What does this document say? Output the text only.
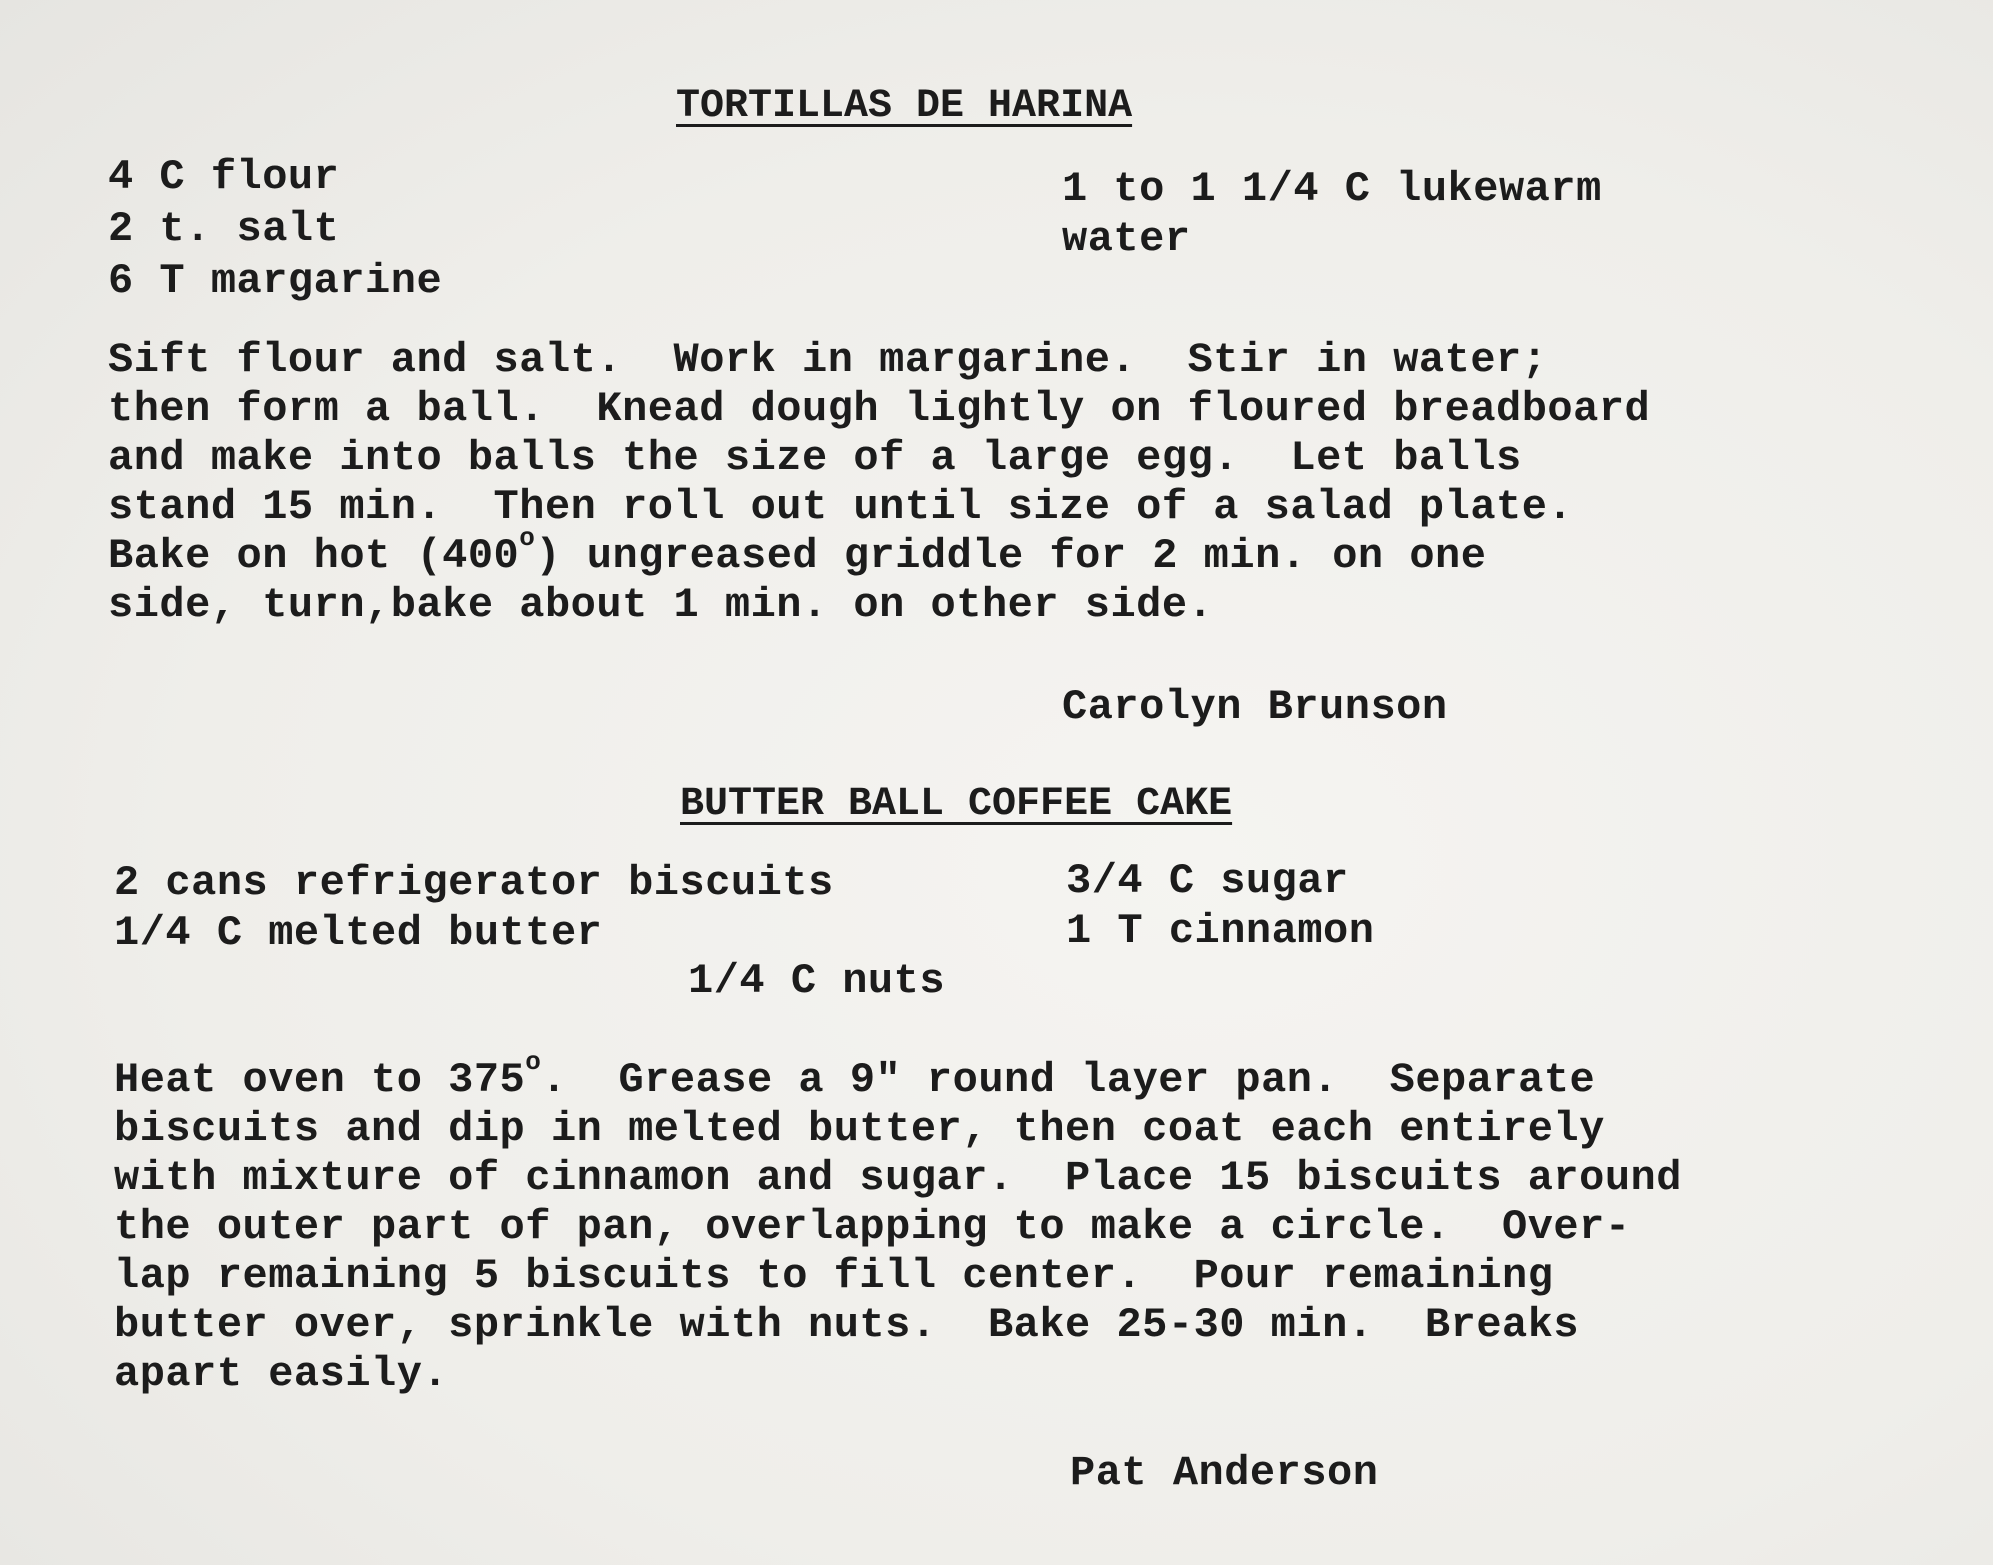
TORTILLAS DE HARINA
4 C flour
2 t. salt
6 T margarine
1 to 1 1/4 C lukewarm
water
Sift flour and salt.  Work in margarine.  Stir in water;
then form a ball.  Knead dough lightly on floured breadboard
and make into balls the size of a large egg.  Let balls
stand 15 min.  Then roll out until size of a salad plate.
Bake on hot (400$^o$) ungreased griddle for 2 min. on one
side, turn,bake about 1 min. on other side.
Carolyn Brunson
BUTTER BALL COFFEE CAKE
2 cans refrigerator biscuits
1/4 C melted butter
3/4 C sugar
1 T cinnamon
1/4 C nuts
Heat oven to 375$^o$.  Grease a 9" round layer pan.  Separate
biscuits and dip in melted butter, then coat each entirely
with mixture of cinnamon and sugar.  Place 15 biscuits around
the outer part of pan, overlapping to make a circle.  Over-
lap remaining 5 biscuits to fill center.  Pour remaining
butter over, sprinkle with nuts.  Bake 25-30 min.  Breaks
apart easily.
Pat Anderson
